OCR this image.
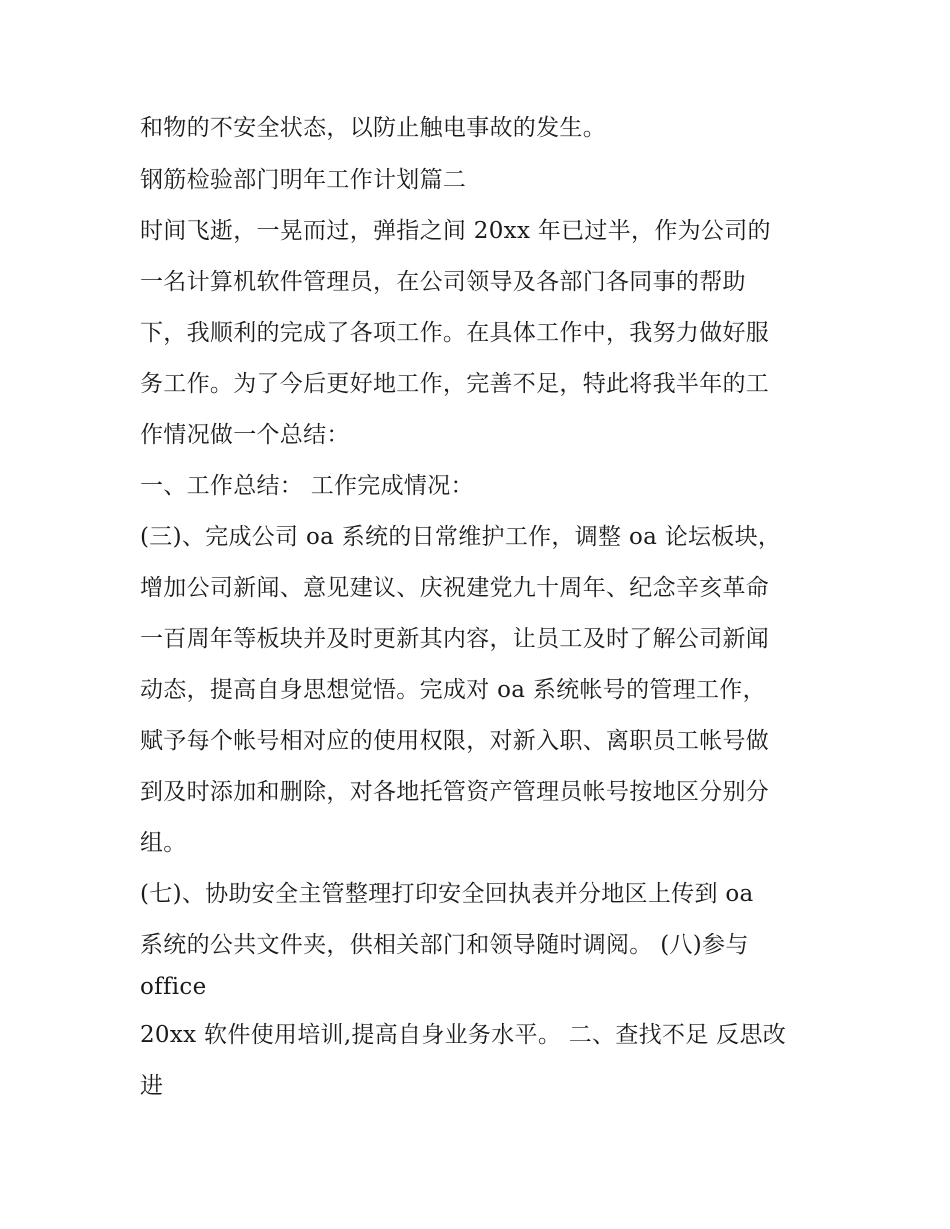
和物的不安全状态，以防止触电事故的发生。
钢筋检验部门明年工作计划篇二
时间飞逝，一晃而过，弹指之间 20xx 年已过半，作为公司的
一名计算机软件管理员，在公司领导及各部门各同事的帮助
下，我顺利的完成了各项工作。在具体工作中，我努力做好服
务工作。为了今后更好地工作，完善不足，特此将我半年的工
作情况做一个总结：
一、工作总结： 工作完成情况：
(三)、完成公司 oa 系统的日常维护工作，调整 oa 论坛板块，
增加公司新闻、意见建议、庆祝建党九十周年、纪念辛亥革命
一百周年等板块并及时更新其内容，让员工及时了解公司新闻
动态，提高自身思想觉悟。完成对 oa 系统帐号的管理工作，
赋予每个帐号相对应的使用权限，对新入职、离职员工帐号做
到及时添加和删除，对各地托管资产管理员帐号按地区分别分
组。
(七)、协助安全主管整理打印安全回执表并分地区上传到 oa
系统的公共文件夹，供相关部门和领导随时调阅。 (八)参与
office
20xx 软件使用培训,提高自身业务水平。 二、查找不足 反思改
进
